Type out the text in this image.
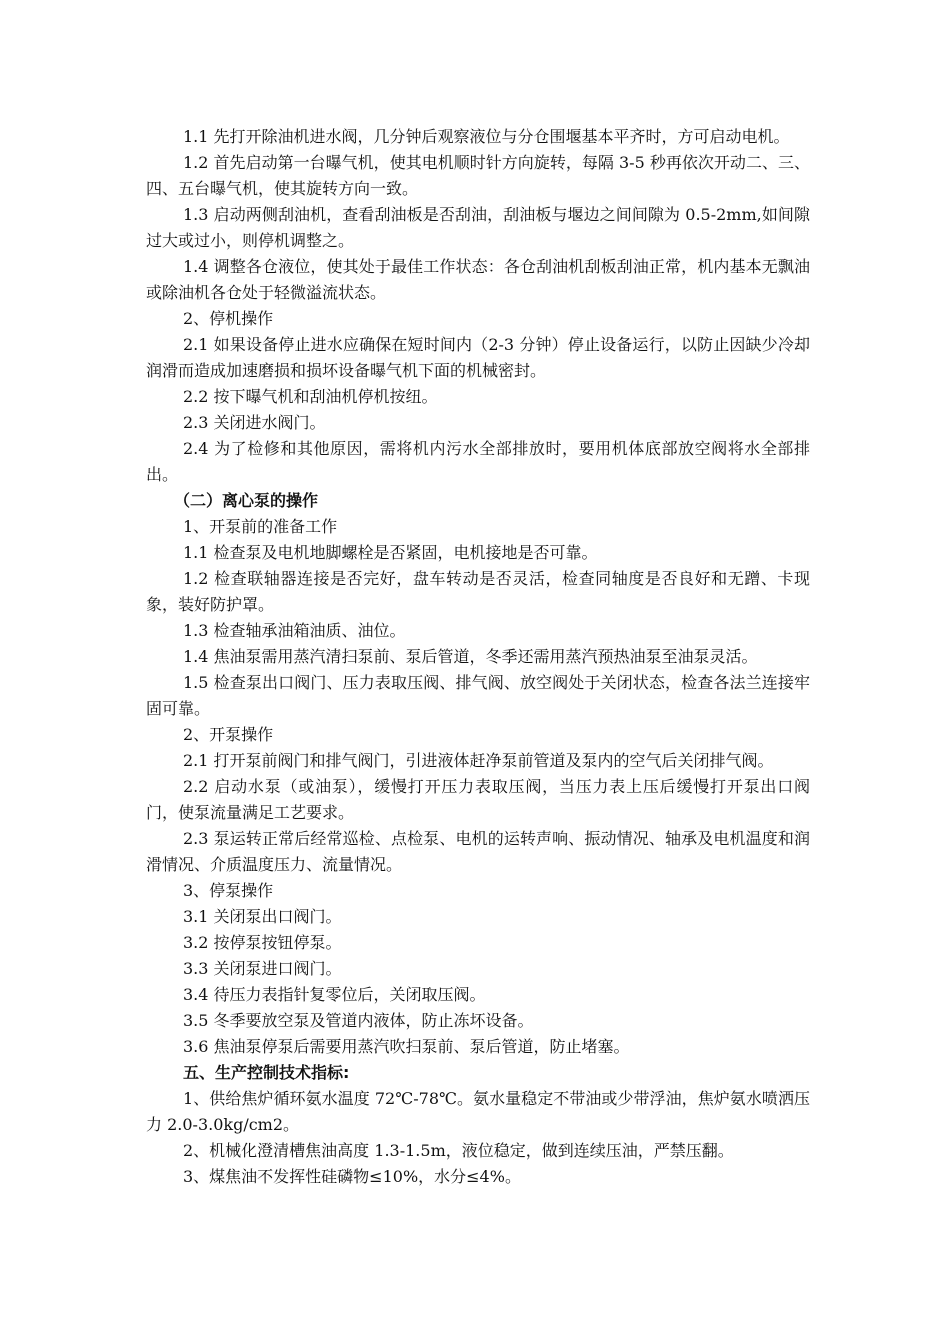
1.1 先打开除油机进水阀，几分钟后观察液位与分仓围堰基本平齐时，方可启动电机。

1.2 首先启动第一台曝气机，使其电机顺时针方向旋转，每隔 3-5 秒再依次开动二、三、四、五台曝气机，使其旋转方向一致。

1.3 启动两侧刮油机，查看刮油板是否刮油，刮油板与堰边之间间隙为 0.5-2mm,如间隙过大或过小，则停机调整之。

1.4 调整各仓液位，使其处于最佳工作状态：各仓刮油机刮板刮油正常，机内基本无飘油或除油机各仓处于轻微溢流状态。

2、停机操作

2.1 如果设备停止进水应确保在短时间内（2-3 分钟）停止设备运行，以防止因缺少冷却润滑而造成加速磨损和损坏设备曝气机下面的机械密封。

2.2 按下曝气机和刮油机停机按纽。

2.3 关闭进水阀门。

2.4 为了检修和其他原因，需将机内污水全部排放时，要用机体底部放空阀将水全部排出。

（二）离心泵的操作

1、开泵前的准备工作

1.1 检查泵及电机地脚螺栓是否紧固，电机接地是否可靠。

1.2 检查联轴器连接是否完好，盘车转动是否灵活，检查同轴度是否良好和无蹭、卡现象，装好防护罩。

1.3 检查轴承油箱油质、油位。

1.4 焦油泵需用蒸汽清扫泵前、泵后管道，冬季还需用蒸汽预热油泵至油泵灵活。

1.5 检查泵出口阀门、压力表取压阀、排气阀、放空阀处于关闭状态，检查各法兰连接牢固可靠。

2、开泵操作

2.1 打开泵前阀门和排气阀门，引进液体赶净泵前管道及泵内的空气后关闭排气阀。

2.2 启动水泵（或油泵），缓慢打开压力表取压阀，当压力表上压后缓慢打开泵出口阀门，使泵流量满足工艺要求。

2.3 泵运转正常后经常巡检、点检泵、电机的运转声响、振动情况、轴承及电机温度和润滑情况、介质温度压力、流量情况。

3、停泵操作

3.1 关闭泵出口阀门。

3.2 按停泵按钮停泵。

3.3 关闭泵进口阀门。

3.4 待压力表指针复零位后，关闭取压阀。

3.5 冬季要放空泵及管道内液体，防止冻坏设备。

3.6 焦油泵停泵后需要用蒸汽吹扫泵前、泵后管道，防止堵塞。

五、生产控制技术指标:

1、供给焦炉循环氨水温度 72℃-78℃。氨水量稳定不带油或少带浮油，焦炉氨水喷洒压力 2.0-3.0kg/cm2。

2、机械化澄清槽焦油高度 1.3-1.5m，液位稳定，做到连续压油，严禁压翻。

3、煤焦油不发挥性硅磷物≤10%，水分≤4%。
